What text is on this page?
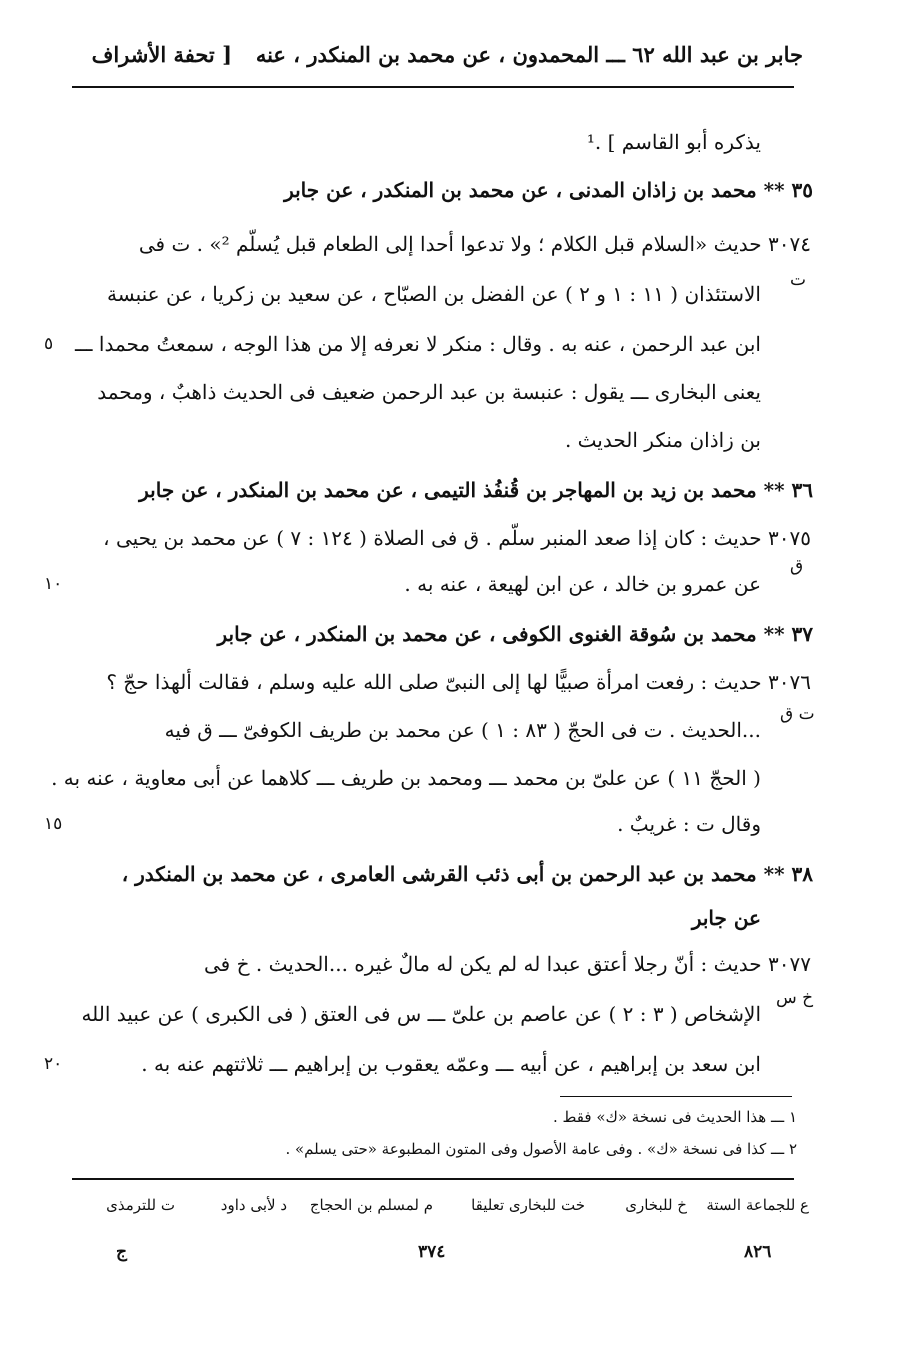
جابر بن عبد الله ٦٢ ـــ المحمدون ، عن محمد بن المنكدر ، عنه
[ تحفة الأشراف
يذكره أبو القاسم ] .¹
٣٥ ** محمد بن زاذان المدنى ، عن محمد بن المنكدر ، عن جابر
٣٠٧٤ حديث «السلام قبل الكلام ؛ ولا تدعوا أحدا إلى الطعام قبل يُسلّم ²» . ت فى
الاستئذان ( ١١ : ١ و ٢ ) عن الفضل بن الصبّاح ، عن سعيد بن زكريا ، عن عنبسة
ابن عبد الرحمن ، عنه به . وقال : منكر لا نعرفه إلا من هذا الوجه ، سمعتُ محمدا ـــ
يعنى البخارى ـــ يقول : عنبسة بن عبد الرحمن ضعيف فى الحديث ذاهبٌ ، ومحمد
بن زاذان منكر الحديث .
٣٦ ** محمد بن زيد بن المهاجر بن قُنفُذ التيمى ، عن محمد بن المنكدر ، عن جابر
٣٠٧٥ حديث : كان إذا صعد المنبر سلّم . ق فى الصلاة ( ١٢٤ : ٧ ) عن محمد بن يحيى ،
عن عمرو بن خالد ، عن ابن لهيعة ، عنه به .
٣٧ ** محمد بن سُوقة الغنوى الكوفى ، عن محمد بن المنكدر ، عن جابر
٣٠٧٦ حديث : رفعت امرأة صبيًّا لها إلى النبىّ صلى الله عليه وسلم ، فقالت ألهذا حجّ ؟
...الحديث . ت فى الحجّ ( ٨٣ : ١ ) عن محمد بن طريف الكوفىّ ـــ ق فيه
( الحجّ ١١ ) عن علىّ بن محمد ـــ ومحمد بن طريف ـــ كلاهما عن أبى معاوية ، عنه به .
وقال ت : غريبٌ .
٣٨ ** محمد بن عبد الرحمن بن أبى ذئب القرشى العامرى ، عن محمد بن المنكدر ،
عن جابر
٣٠٧٧ حديث : أنّ رجلا أعتق عبدا له لم يكن له مالٌ غيره ...الحديث . خ فى
الإشخاص ( ٣ : ٢ ) عن عاصم بن علىّ ـــ س فى العتق ( فى الكبرى ) عن عبيد الله
ابن سعد بن إبراهيم ، عن أبيه ـــ وعمّه يعقوب بن إبراهيم ـــ ثلاثتهم عنه به .
ت
ق
ت ق
خ س
٥
١٠
١٥
٢٠
١ ـــ هذا الحديث فى نسخة «ك» فقط .
٢ ـــ كذا فى نسخة «ك» . وفى عامة الأصول وفى المتون المطبوعة «حتى يسلم» .
ع للجماعة الستة
خ للبخارى
خت للبخارى تعليقا
م لمسلم بن الحجاج
د لأبى داود
ت للترمذى
٨٢٦
٣٧٤
ج
